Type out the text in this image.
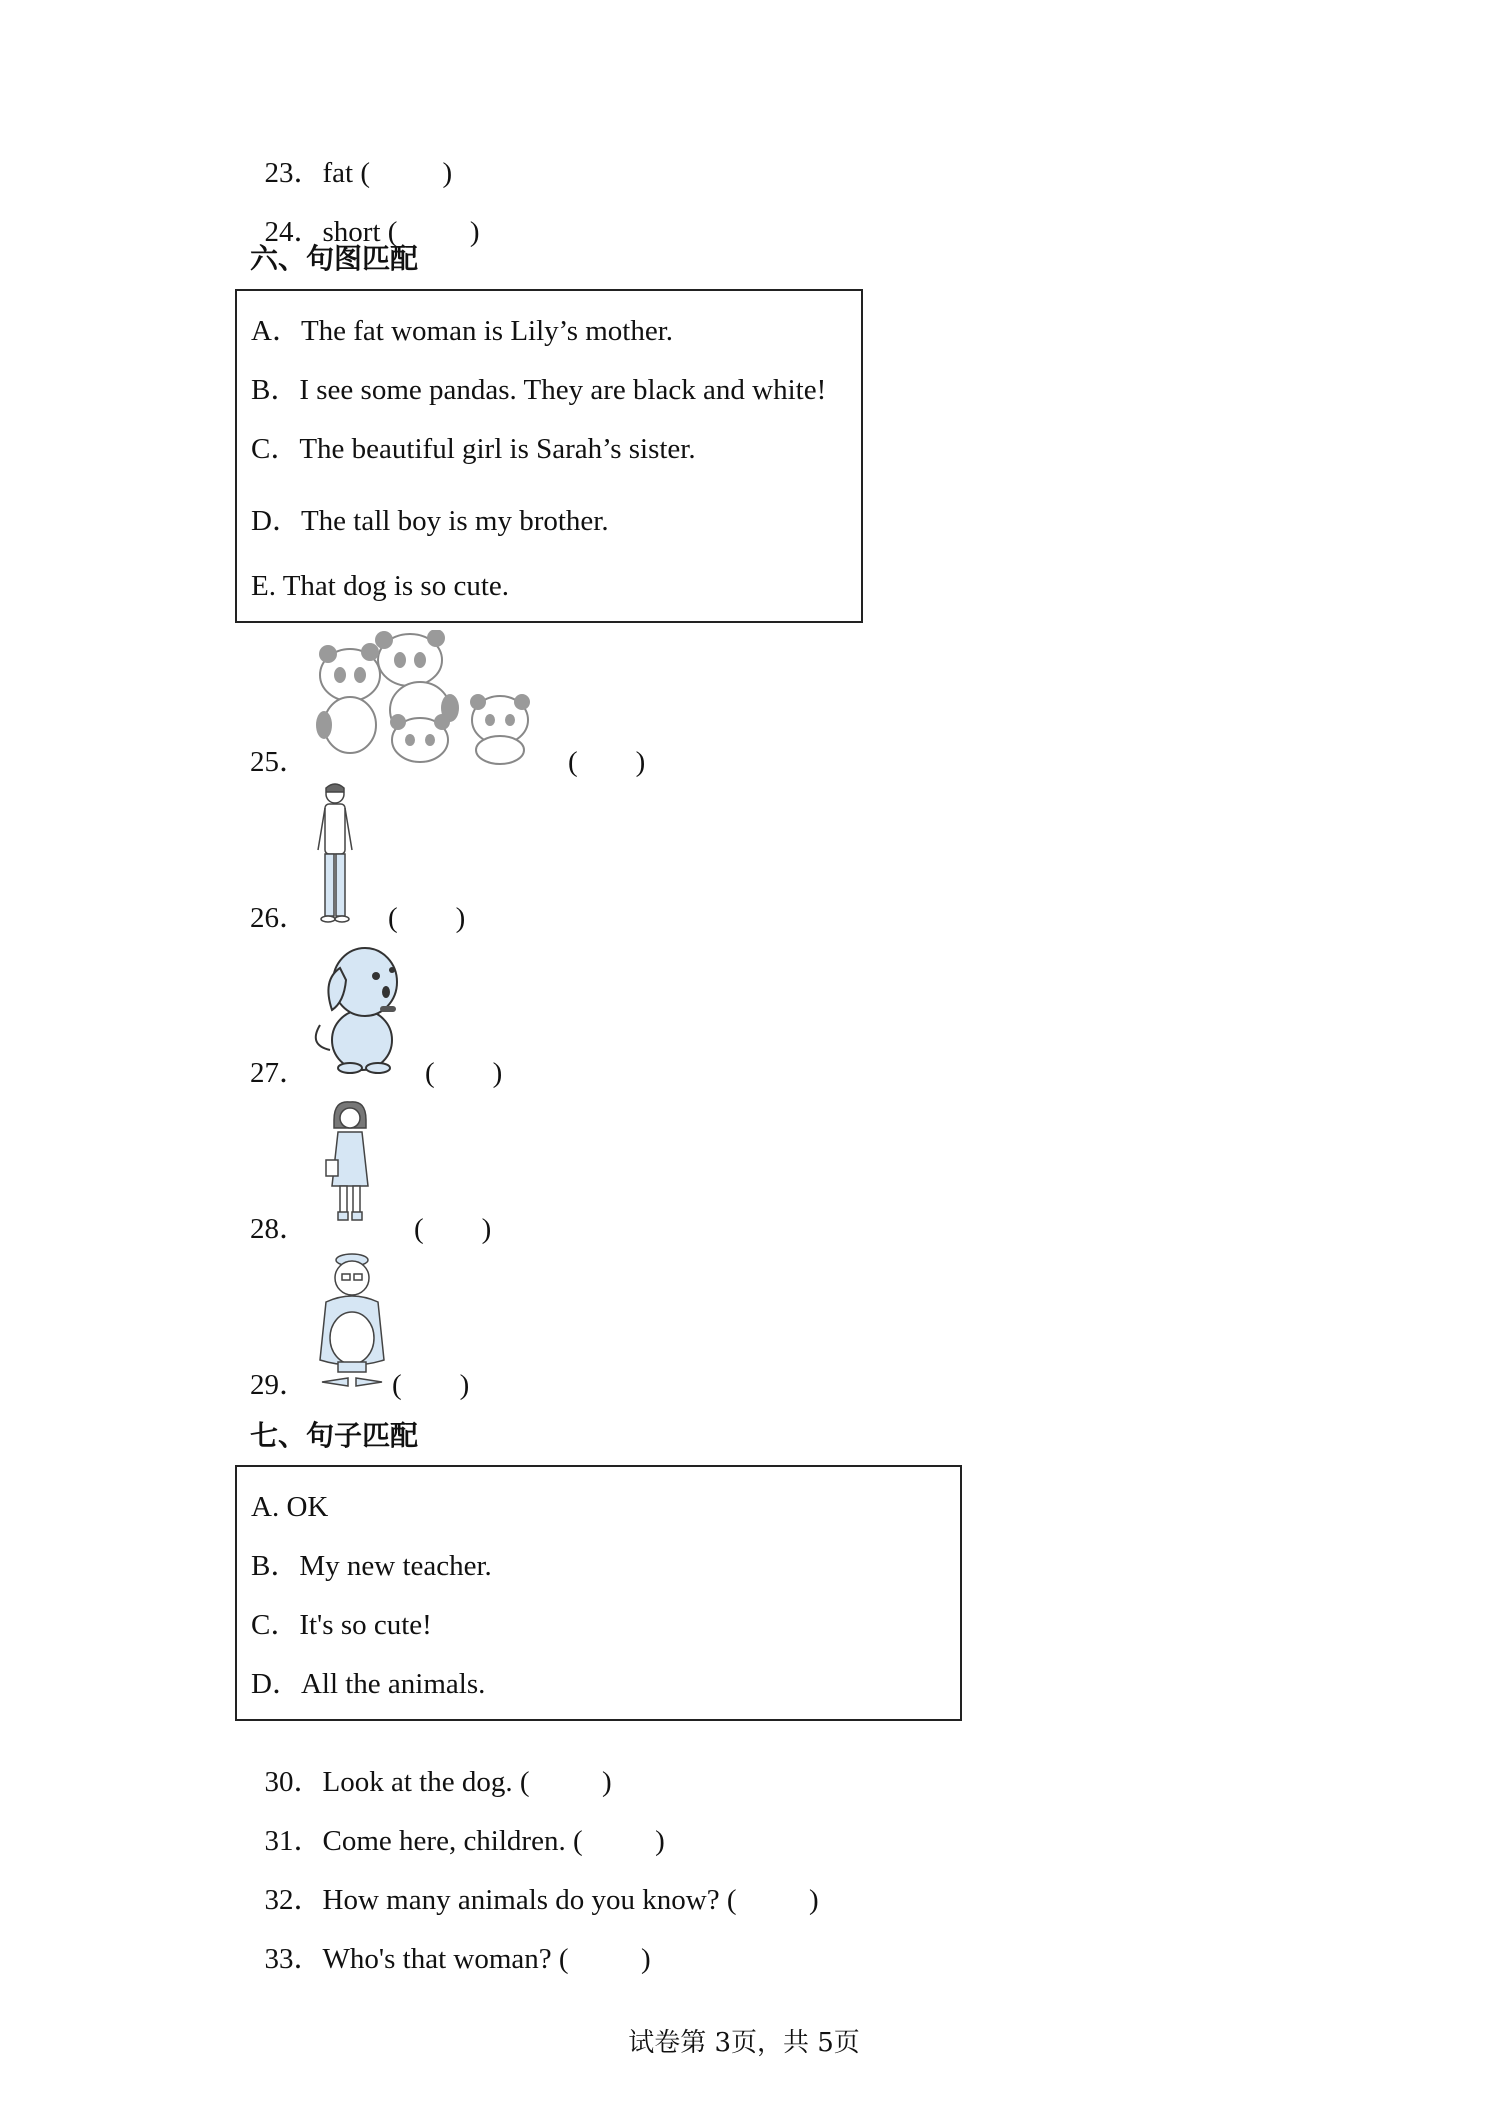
23．fat (          )

24．short (          )

六、句图匹配
A．The fat woman is Lily’s mother.
B．I see some pandas. They are black and white!
C．The beautiful girl is Sarah’s sister.
D．The tall boy is my brother.
E. That dog is so cute.
25．	(        )
26．	(        )
27．	(        )
28．	(        )
29．	(        )
七、句子匹配
A. OK
B．My new teacher.
C．It's so cute!
D．All the animals.

30．Look at the dog. (          )

31．Come here, children. (          )

32．How many animals do you know? (          )

33．Who's that woman? (          )

试卷第 3页，共 5页
